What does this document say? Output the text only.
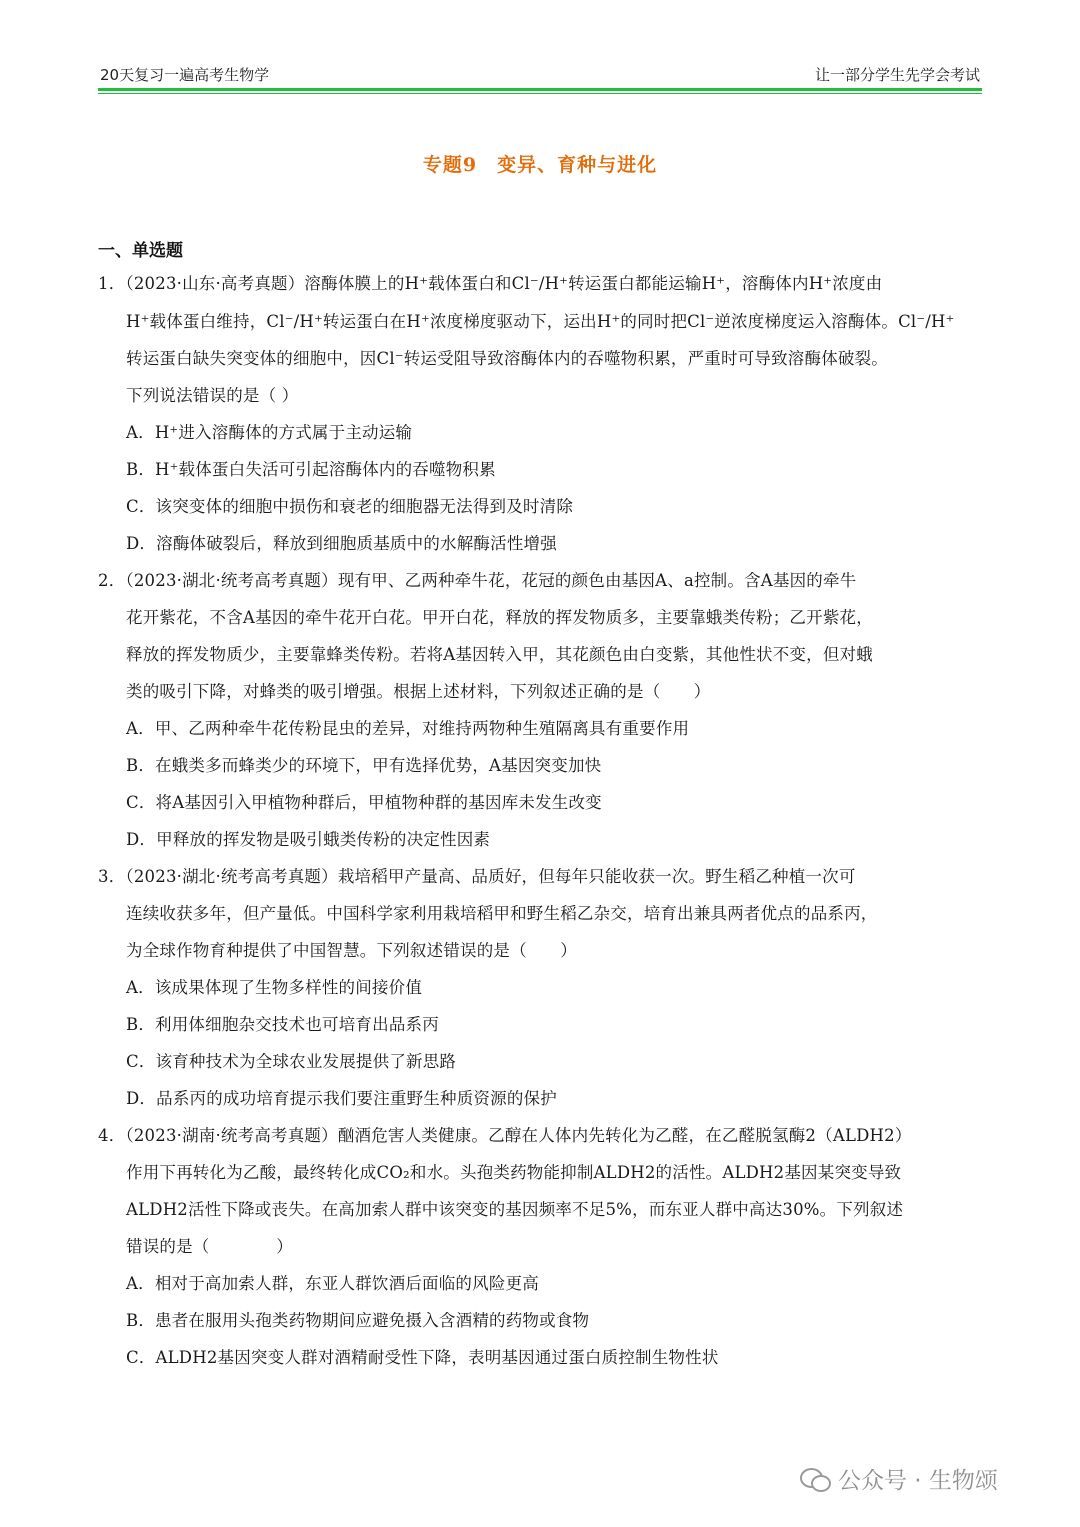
20天复习一遍高考生物学	让一部分学生先学会考试
专题9　变异、育种与进化
一、单选题
1．（2023·山东·高考真题）溶酶体膜上的H⁺载体蛋白和Cl⁻/H⁺转运蛋白都能运输H⁺，溶酶体内H⁺浓度由
H⁺载体蛋白维持，Cl⁻/H⁺转运蛋白在H⁺浓度梯度驱动下，运出H⁺的同时把Cl⁻逆浓度梯度运入溶酶体。Cl⁻/H⁺
转运蛋白缺失突变体的细胞中，因Cl⁻转运受阻导致溶酶体内的吞噬物积累，严重时可导致溶酶体破裂。
下列说法错误的是（ ）
A．H⁺进入溶酶体的方式属于主动运输
B．H⁺载体蛋白失活可引起溶酶体内的吞噬物积累
C．该突变体的细胞中损伤和衰老的细胞器无法得到及时清除
D．溶酶体破裂后，释放到细胞质基质中的水解酶活性增强
2．（2023·湖北·统考高考真题）现有甲、乙两种牵牛花，花冠的颜色由基因A、a控制。含A基因的牵牛
花开紫花，不含A基因的牵牛花开白花。甲开白花，释放的挥发物质多，主要靠蛾类传粉；乙开紫花，
释放的挥发物质少，主要靠蜂类传粉。若将A基因转入甲，其花颜色由白变紫，其他性状不变，但对蛾
类的吸引下降，对蜂类的吸引增强。根据上述材料，下列叙述正确的是（　　）
A．甲、乙两种牵牛花传粉昆虫的差异，对维持两物种生殖隔离具有重要作用
B．在蛾类多而蜂类少的环境下，甲有选择优势，A基因突变加快
C．将A基因引入甲植物种群后，甲植物种群的基因库未发生改变
D．甲释放的挥发物是吸引蛾类传粉的决定性因素
3．（2023·湖北·统考高考真题）栽培稻甲产量高、品质好，但每年只能收获一次。野生稻乙种植一次可
连续收获多年，但产量低。中国科学家利用栽培稻甲和野生稻乙杂交，培育出兼具两者优点的品系丙，
为全球作物育种提供了中国智慧。下列叙述错误的是（　　）
A．该成果体现了生物多样性的间接价值
B．利用体细胞杂交技术也可培育出品系丙
C．该育种技术为全球农业发展提供了新思路
D．品系丙的成功培育提示我们要注重野生种质资源的保护
4．（2023·湖南·统考高考真题）酗酒危害人类健康。乙醇在人体内先转化为乙醛，在乙醛脱氢酶2（ALDH2）
作用下再转化为乙酸，最终转化成CO₂和水。头孢类药物能抑制ALDH2的活性。ALDH2基因某突变导致
ALDH2活性下降或丧失。在高加索人群中该突变的基因频率不足5%，而东亚人群中高达30%。下列叙述
错误的是（　　　　）
A．相对于高加索人群，东亚人群饮酒后面临的风险更高
B．患者在服用头孢类药物期间应避免摄入含酒精的药物或食物
C．ALDH2基因突变人群对酒精耐受性下降，表明基因通过蛋白质控制生物性状
公众号 · 生物颂
